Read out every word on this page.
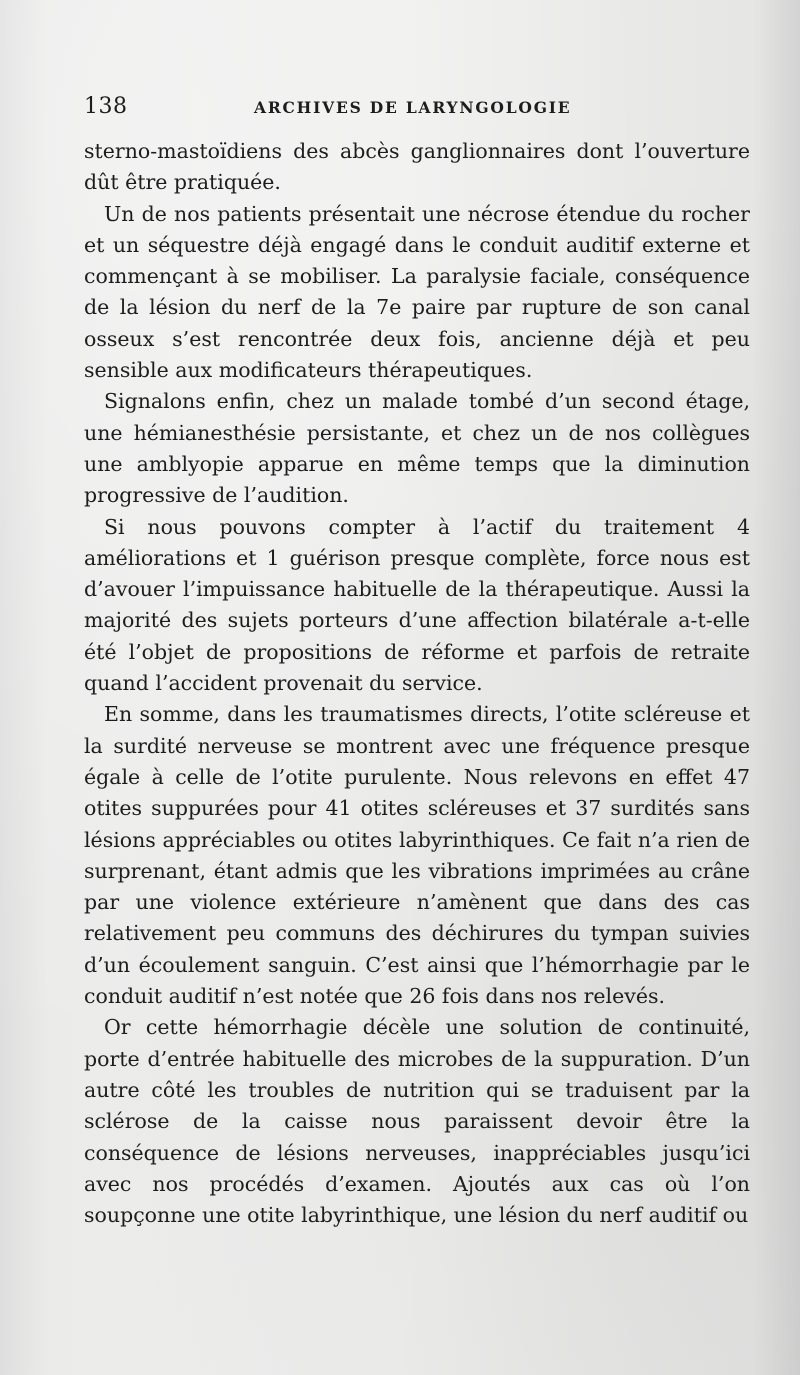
138	ARCHIVES DE LARYNGOLOGIE

sterno-mastoïdiens des abcès ganglionnaires dont l’ouverture dût être pratiquée.

Un de nos patients présentait une nécrose étendue du rocher et un séquestre déjà engagé dans le conduit auditif externe et commençant à se mobiliser. La paralysie faciale, conséquence de la lésion du nerf de la 7e paire par rupture de son canal osseux s’est rencontrée deux fois, ancienne déjà et peu sensible aux modificateurs thérapeutiques.

Signalons enfin, chez un malade tombé d’un second étage, une hémianesthésie persistante, et chez un de nos collègues une amblyopie apparue en même temps que la diminution progressive de l’audition.

Si nous pouvons compter à l’actif du traitement 4 améliorations et 1 guérison presque complète, force nous est d’avouer l’impuissance habituelle de la thérapeutique. Aussi la majorité des sujets porteurs d’une affection bilatérale a-t-elle été l’objet de propositions de réforme et parfois de retraite quand l’accident provenait du service.

En somme, dans les traumatismes directs, l’otite scléreuse et la surdité nerveuse se montrent avec une fréquence presque égale à celle de l’otite purulente. Nous relevons en effet 47 otites suppurées pour 41 otites scléreuses et 37 surdités sans lésions appréciables ou otites labyrinthiques. Ce fait n’a rien de surprenant, étant admis que les vibrations imprimées au crâne par une violence extérieure n’amènent que dans des cas relativement peu communs des déchirures du tympan suivies d’un écoulement sanguin. C’est ainsi que l’hémorrhagie par le conduit auditif n’est notée que 26 fois dans nos relevés.

Or cette hémorrhagie décèle une solution de continuité, porte d’entrée habituelle des microbes de la suppuration. D’un autre côté les troubles de nutrition qui se traduisent par la sclérose de la caisse nous paraissent devoir être la conséquence de lésions nerveuses, inappréciables jusqu’ici avec nos procédés d’examen. Ajoutés aux cas où l’on soupçonne une otite labyrinthique, une lésion du nerf auditif ou
